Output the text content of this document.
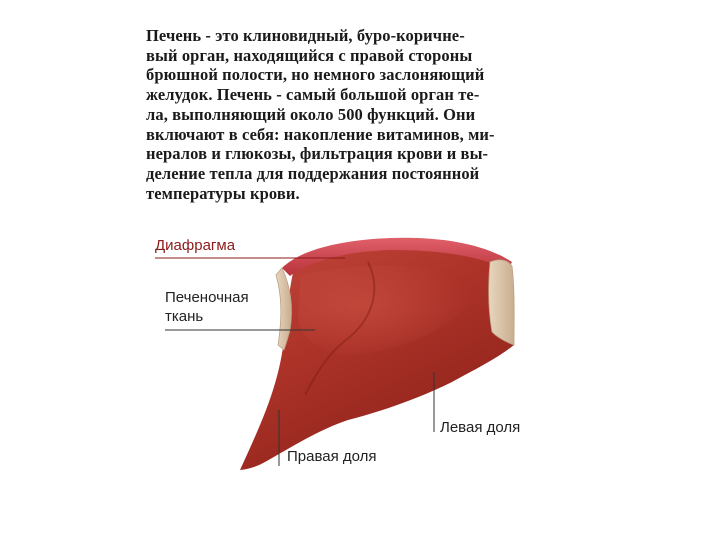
Печень - это клиновидный, буро-коричне-
вый орган, находящийся с правой стороны
брюшной полости, но немного заслоняющий
желудок. Печень - самый большой орган те-
ла, выполняющий около 500 функций. Они
включают в себя: накопление витаминов, ми-
нералов и глюкозы, фильтрация крови и вы-
деление тепла для поддержания постоянной
температуры крови.
Диафрагма
Печеночная
ткань
Левая доля
Правая доля
